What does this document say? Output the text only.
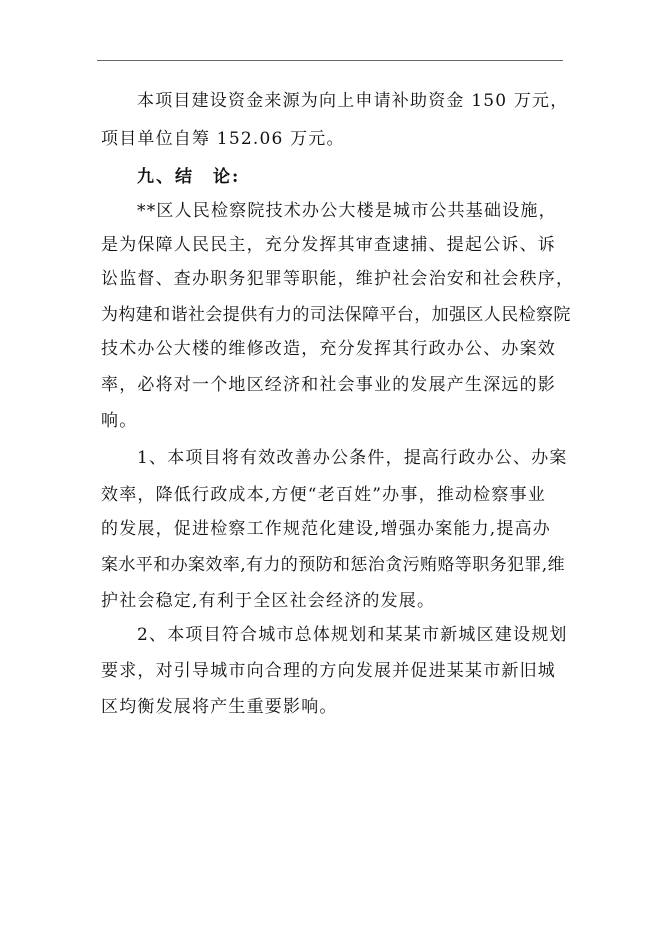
本项目建设资金来源为向上申请补助资金 150 万元，
项目单位自筹 152.06 万元。
九、结　论:
**区人民检察院技术办公大楼是城市公共基础设施，
是为保障人民民主，充分发挥其审查逮捕、提起公诉、诉
讼监督、查办职务犯罪等职能，维护社会治安和社会秩序，
为构建和谐社会提供有力的司法保障平台，加强区人民检察院
技术办公大楼的维修改造，充分发挥其行政办公、办案效
率，必将对一个地区经济和社会事业的发展产生深远的影
响。
1、本项目将有效改善办公条件，提高行政办公、办案
效率，降低行政成本,方便“老百姓”办事，推动检察事业
的发展，促进检察工作规范化建设,增强办案能力,提高办
案水平和办案效率,有力的预防和惩治贪污贿赂等职务犯罪,维
护社会稳定,有利于全区社会经济的发展。
2、本项目符合城市总体规划和某某市新城区建设规划
要求，对引导城市向合理的方向发展并促进某某市新旧城
区均衡发展将产生重要影响。
